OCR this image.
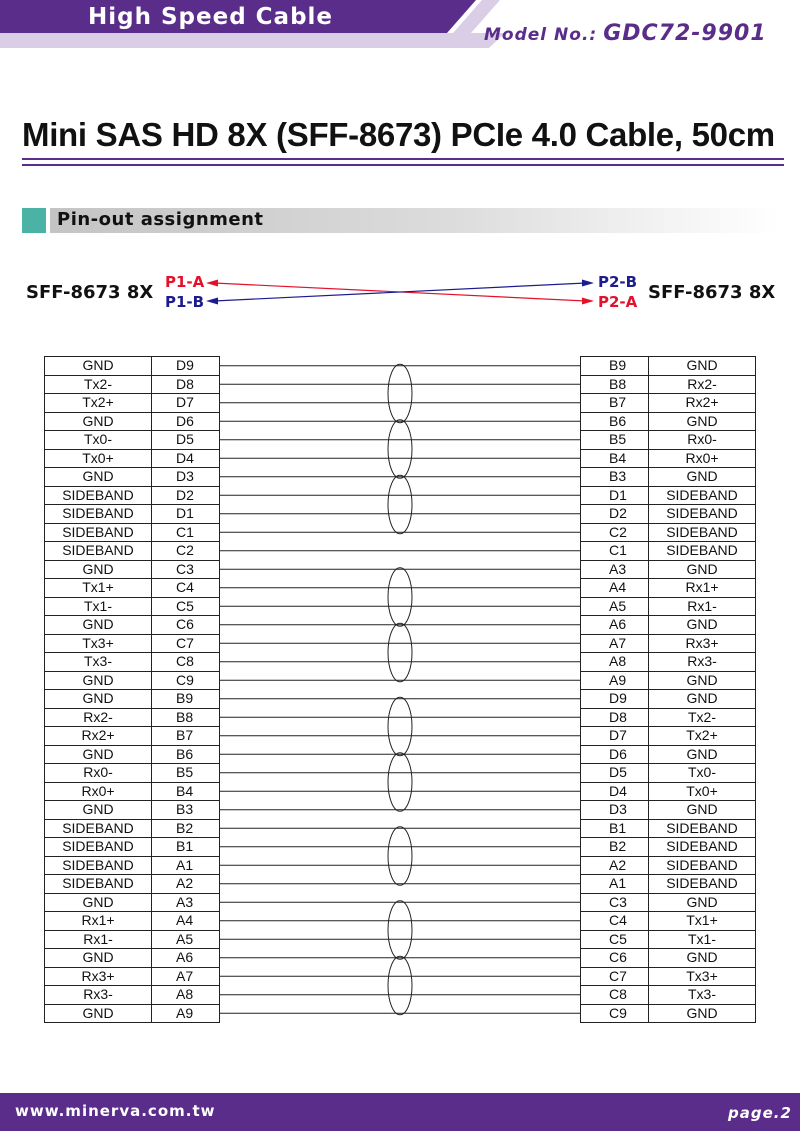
High Speed Cable
Model No.: GDC72-9901
Mini SAS HD 8X (SFF-8673) PCIe 4.0 Cable, 50cm
Pin-out assignment
SFF-8673 8X	SFF-8673 8X
P1-A
P1-B
P2-B
P2-A
GND	D9
Tx2-	D8
Tx2+	D7
GND	D6
Tx0-	D5
Tx0+	D4
GND	D3
SIDEBAND	D2
SIDEBAND	D1
SIDEBAND	C1
SIDEBAND	C2
GND	C3
Tx1+	C4
Tx1-	C5
GND	C6
Tx3+	C7
Tx3-	C8
GND	C9
GND	B9
Rx2-	B8
Rx2+	B7
GND	B6
Rx0-	B5
Rx0+	B4
GND	B3
SIDEBAND	B2
SIDEBAND	B1
SIDEBAND	A1
SIDEBAND	A2
GND	A3
Rx1+	A4
Rx1-	A5
GND	A6
Rx3+	A7
Rx3-	A8
GND	A9
B9	GND
B8	Rx2-
B7	Rx2+
B6	GND
B5	Rx0-
B4	Rx0+
B3	GND
D1	SIDEBAND
D2	SIDEBAND
C2	SIDEBAND
C1	SIDEBAND
A3	GND
A4	Rx1+
A5	Rx1-
A6	GND
A7	Rx3+
A8	Rx3-
A9	GND
D9	GND
D8	Tx2-
D7	Tx2+
D6	GND
D5	Tx0-
D4	Tx0+
D3	GND
B1	SIDEBAND
B2	SIDEBAND
A2	SIDEBAND
A1	SIDEBAND
C3	GND
C4	Tx1+
C5	Tx1-
C6	GND
C7	Tx3+
C8	Tx3-
C9	GND
www.minerva.com.tw	page.2
